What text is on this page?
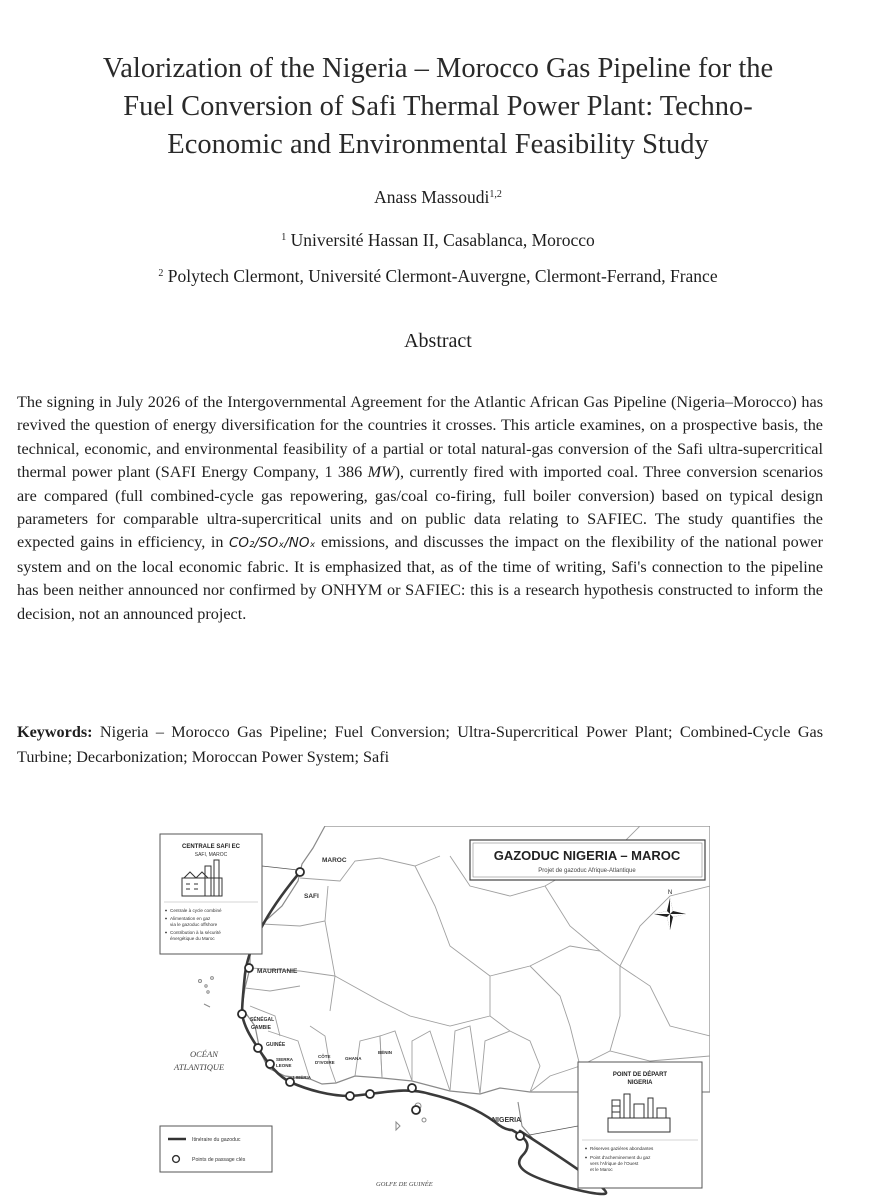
Valorization of the Nigeria – Morocco Gas Pipeline for the
Fuel Conversion of Safi Thermal Power Plant: Techno-
Economic and Environmental Feasibility Study
Anass Massoudi$^{1,2}$
$^1$ Université Hassan II, Casablanca, Morocco
$^2$ Polytech Clermont, Université Clermont-Auvergne, Clermont-Ferrand, France
Abstract
The signing in July 2026 of the Intergovernmental Agreement for the Atlantic African Gas Pipeline (Nigeria–Morocco) has revived the question of energy diversification for the countries it crosses. This article examines, on a prospective basis, the technical, economic, and environmental feasibility of a partial or total natural-gas conversion of the Safi ultra-supercritical thermal power plant (SAFI Energy Company, 1 386 MW), currently fired with imported coal. Three conversion scenarios are compared (full combined-cycle gas repowering, gas/coal co-firing, full boiler conversion) based on typical design parameters for comparable ultra-supercritical units and on public data relating to SAFIEC. The study quantifies the expected gains in efficiency, in CO₂/SOₓ/NOₓ emissions, and discusses the impact on the flexibility of the national power system and on the local economic fabric. It is emphasized that, as of the time of writing, Safi's connection to the pipeline has been neither announced nor confirmed by ONHYM or SAFIEC: this is a research hypothesis constructed to inform the decision, not an announced project.
Keywords: Nigeria – Morocco Gas Pipeline; Fuel Conversion; Ultra-Supercritical Power Plant; Combined-Cycle Gas Turbine; Decarbonization; Moroccan Power System; Safi
MAROC
SAFI
MAURITANIE
SÉNÉGAL
GAMBIE
GUINÉE
SIERRA
LEONE
LIBÉRIA
CÔTE
D'IVOIRE
GHANA
BÉNIN
NIGERIA
OCÉAN
ATLANTIQUE
GOLFE DE GUINÉE
GAZODUC NIGERIA – MAROC
Projet de gazoduc Afrique-Atlantique
N
CENTRALE SAFI EC
SAFI, MAROC
Centrale à cycle combiné
Alimentation en gaz
via le gazoduc offshore
Contribution à la sécurité
énergétique du Maroc
POINT DE DÉPART
NIGERIA
Réserves gazières abondantes
Point d'acheminement du gaz
vers l'Afrique de l'Ouest
et le Maroc
Itinéraire du gazoduc
Points de passage clés
